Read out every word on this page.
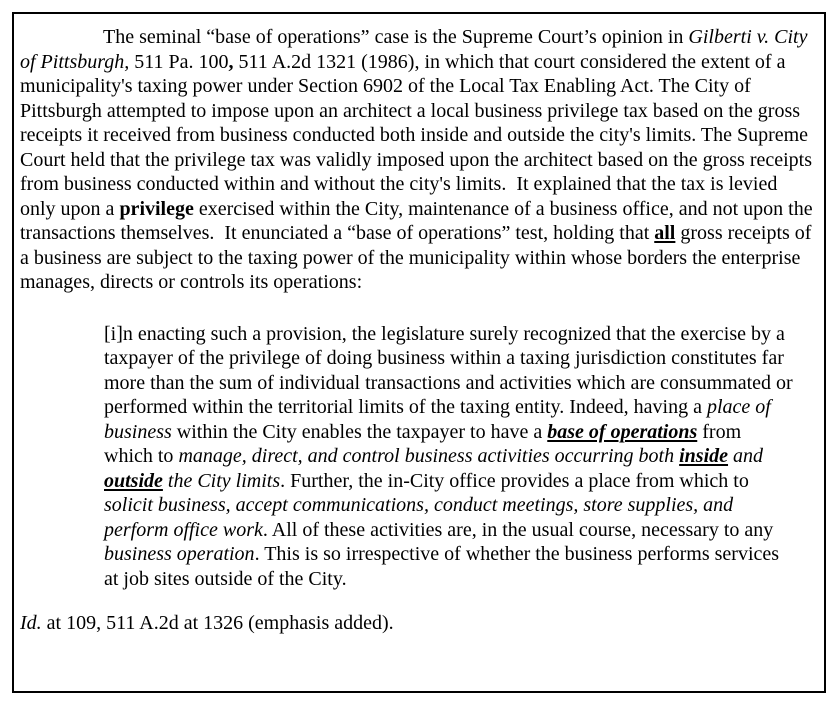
The seminal “base of operations” case is the Supreme Court’s opinion in Gilberti v. City of Pittsburgh, 511 Pa. 100, 511 A.2d 1321 (1986), in which that court considered the extent of a municipality's taxing power under Section 6902 of the Local Tax Enabling Act. The City of Pittsburgh attempted to impose upon an architect a local business privilege tax based on the gross receipts it received from business conducted both inside and outside the city's limits. The Supreme Court held that the privilege tax was validly imposed upon the architect based on the gross receipts from business conducted within and without the city's limits.  It explained that the tax is levied only upon a privilege exercised within the City, maintenance of a business office, and not upon the transactions themselves.  It enunciated a “base of operations” test, holding that all gross receipts of a business are subject to the taxing power of the municipality within whose borders the enterprise manages, directs or controls its operations:

[i]n enacting such a provision, the legislature surely recognized that the exercise by a taxpayer of the privilege of doing business within a taxing jurisdiction constitutes far more than the sum of individual transactions and activities which are consummated or performed within the territorial limits of the taxing entity. Indeed, having a place of business within the City enables the taxpayer to have a base of operations from which to manage, direct, and control business activities occurring both inside and outside the City limits. Further, the in-City office provides a place from which to solicit business, accept communications, conduct meetings, store supplies, and perform office work. All of these activities are, in the usual course, necessary to any business operation. This is so irrespective of whether the business performs services at job sites outside of the City.

Id. at 109, 511 A.2d at 1326 (emphasis added).
